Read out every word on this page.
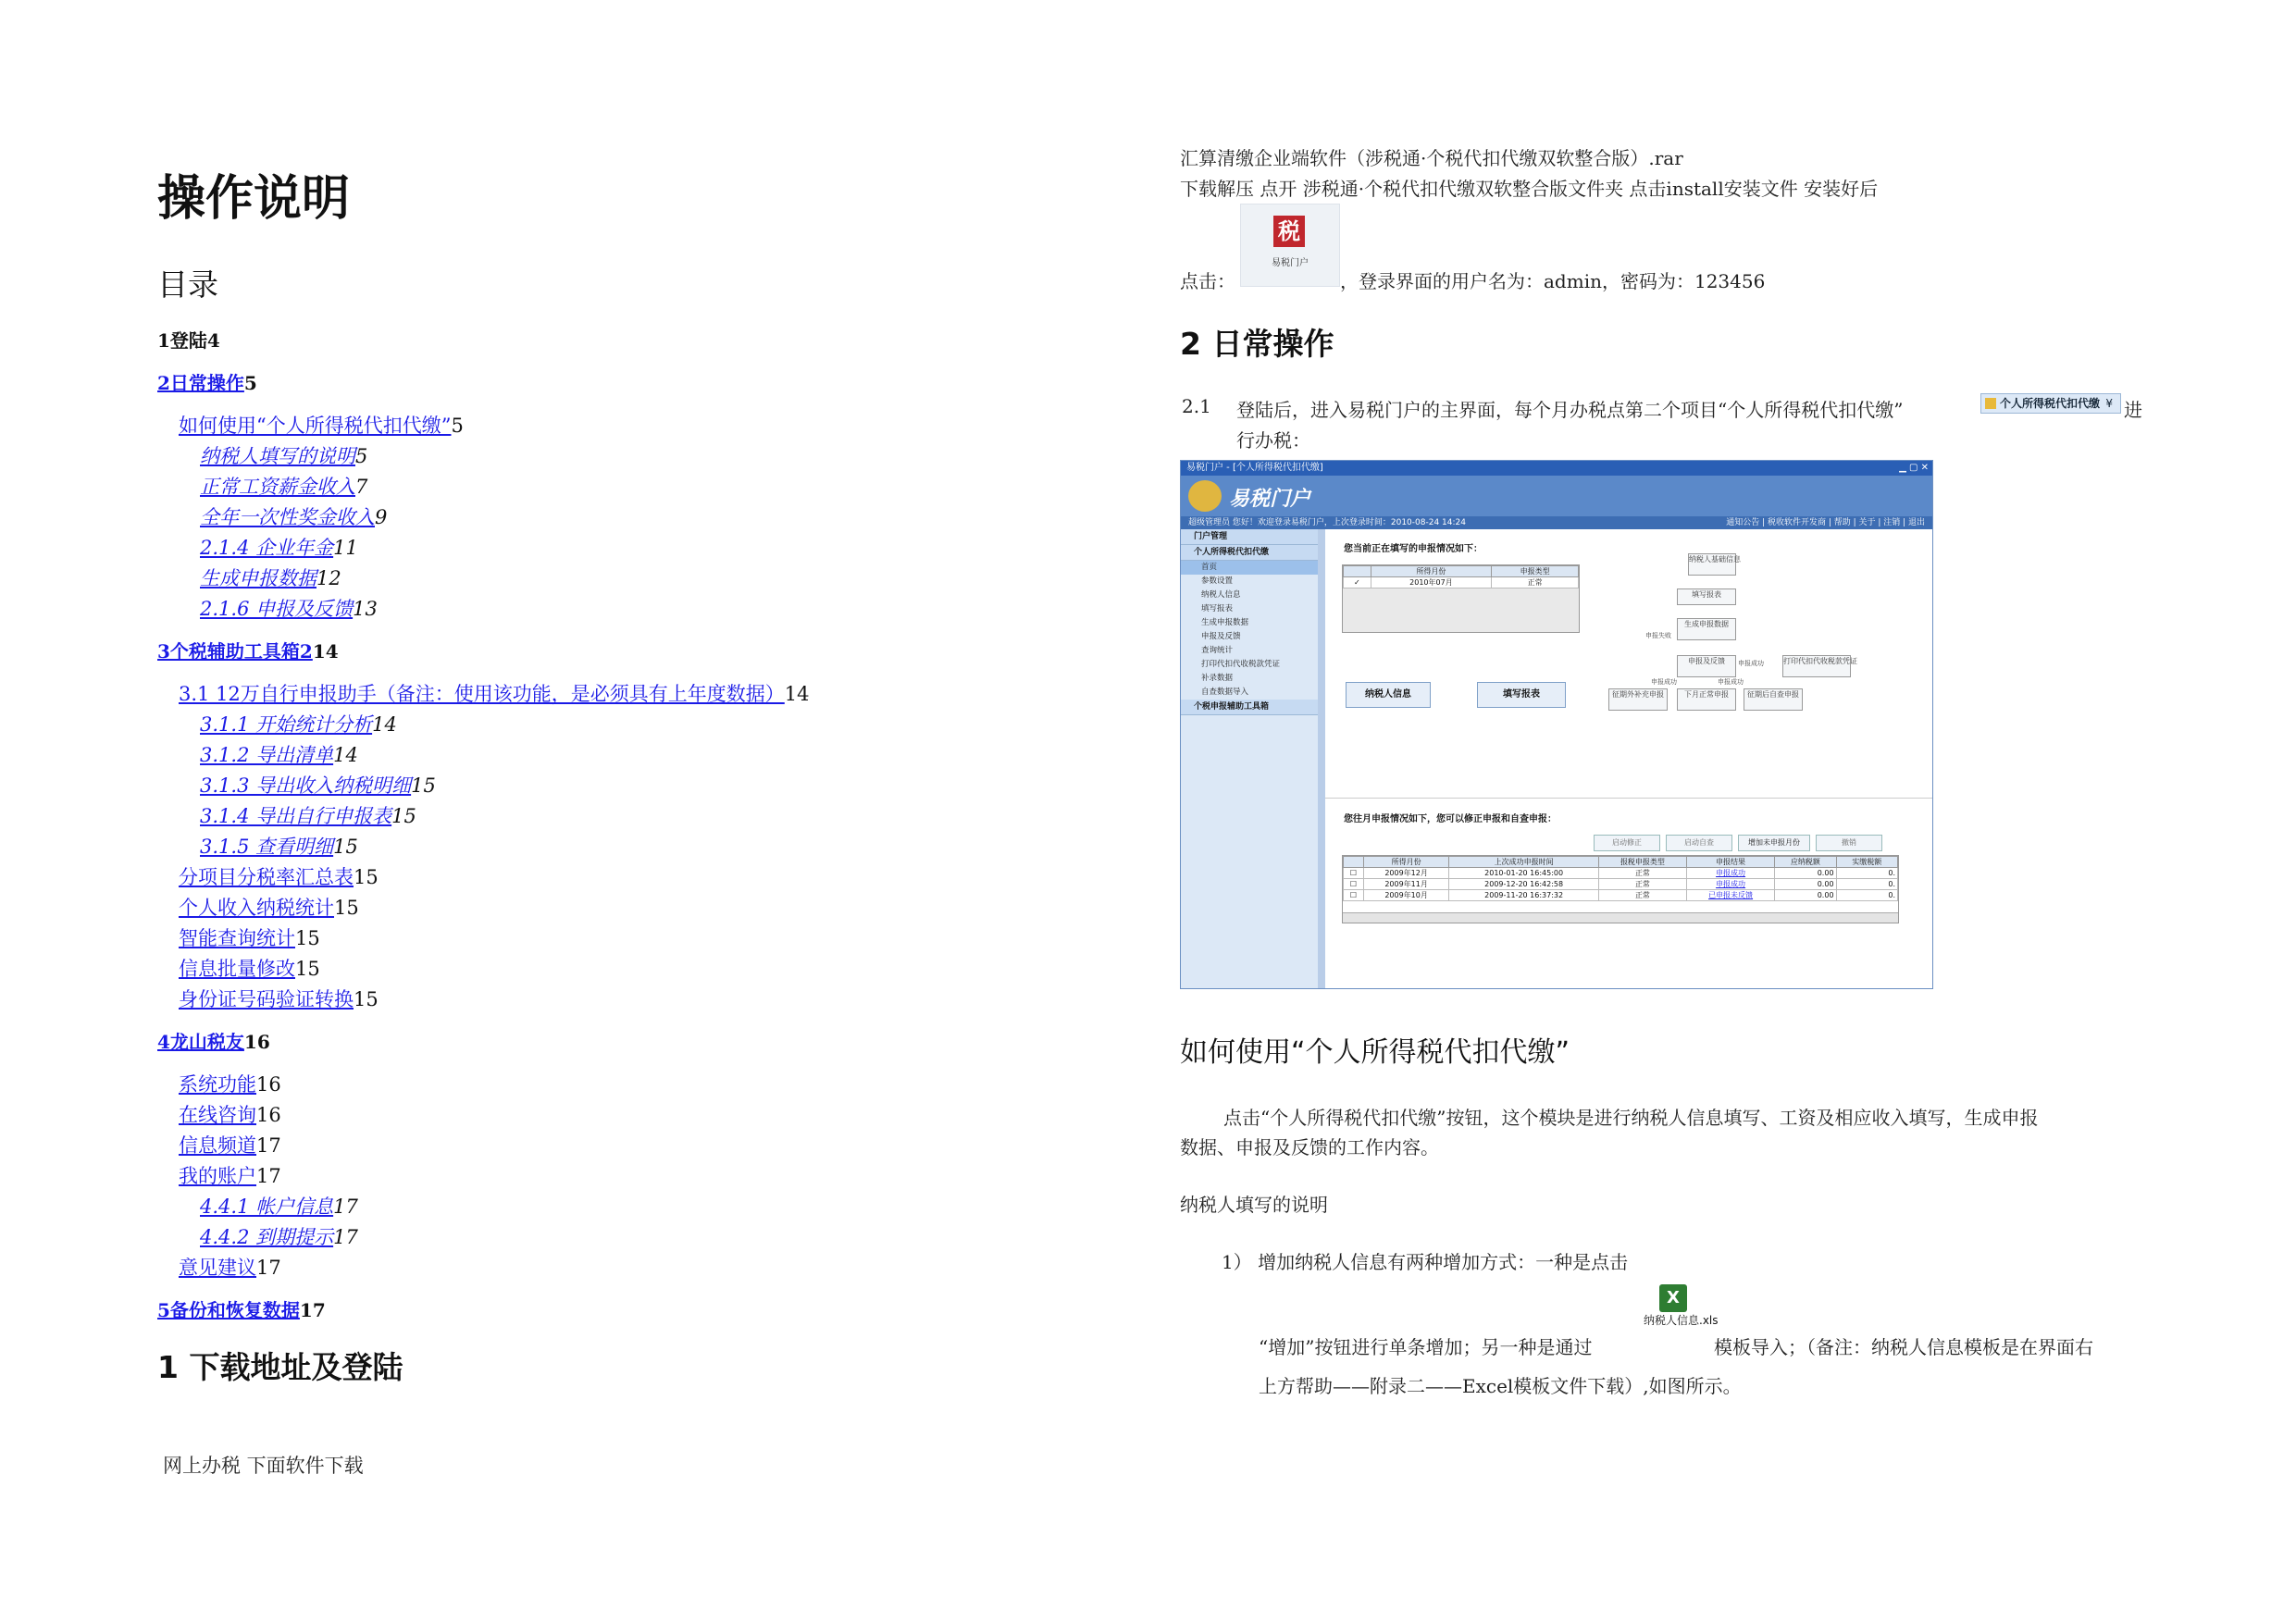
操作说明
目录
1登陆4
2日常操作5
如何使用“个人所得税代扣代缴”5
纳税人填写的说明5
正常工资薪金收入7
全年一次性奖金收入9
2.1.4 企业年金11
生成申报数据12
2.1.6 申报及反馈13
3个税辅助工具箱214
3.1 12万自行申报助手（备注：使用该功能，是必须具有上年度数据）14
3.1.1 开始统计分析14
3.1.2 导出清单14
3.1.3 导出收入纳税明细15
3.1.4 导出自行申报表15
3.1.5 查看明细15
分项目分税率汇总表15
个人收入纳税统计15
智能查询统计15
信息批量修改15
身份证号码验证转换15
4龙山税友16
系统功能16
在线咨询16
信息频道17
我的账户17
4.4.1 帐户信息17
4.4.2 到期提示17
意见建议17
5备份和恢复数据17
1 下载地址及登陆
网上办税 下面软件下载
汇算清缴企业端软件（涉税通·个税代扣代缴双软整合版）.rar
下载解压 点开 涉税通·个税代扣代缴双软整合版文件夹 点击install安装文件 安装好后
点击：
税
易税门户
，登录界面的用户名为：admin，密码为：123456
2 日常操作
2.1 登陆后，进入易税门户的主界面，每个月办税点第二个项目“个人所得税代扣代缴”	个人所得税代扣代缴 ¥ 进
行办税：
易税门户 - [个人所得税代扣代缴]	▁ ▢ ✕
易税门户
超级管理员 您好！欢迎登录易税门户，上次登录时间：2010-08-24 14:24	通知公告 | 税收软件开发商 | 帮助 | 关于 | 注销 | 退出
门户管理
个人所得税代扣代缴
首页
参数设置
纳税人信息
填写报表
生成申报数据
申报及反馈
查询统计
打印代扣代收税款凭证
补录数据
自查数据导入
个税申报辅助工具箱
您当前正在填写的申报情况如下：
	所得月份	申报类型
✓	2010年07月	正常
纳税人信息	填写报表
纳税人基础信息
填写报表
生成申报数据
申报及反馈	打印代扣代收税款凭证
征期外补充申报	下月正常申报	征期后自查申报
申报失败
申报成功
申报成功	申报成功
您往月申报情况如下，您可以修正申报和自查申报：
启动修正	启动自查	增加未申报月份	撤销
	所得月份	上次成功申报时间	报税申报类型	申报结果	应纳税额	实缴税额
☐	2009年12月	2010-01-20 16:45:00	正常	申报成功	0.00	0.
☐	2009年11月	2009-12-20 16:42:58	正常	申报成功	0.00	0.
☐	2009年10月	2009-11-20 16:37:32	正常	已申报未反馈	0.00	0.
如何使用“个人所得税代扣代缴”
点击“个人所得税代扣代缴”按钮，这个模块是进行纳税人信息填写、工资及相应收入填写，生成申报
数据、申报及反馈的工作内容。
纳税人填写的说明
1） 增加纳税人信息有两种增加方式：一种是点击
“增加”按钮进行单条增加；另一种是通过
X
纳税人信息.xls
模板导入；（备注：纳税人信息模板是在界面右
上方帮助——附录二——Excel模板文件下载）,如图所示。
